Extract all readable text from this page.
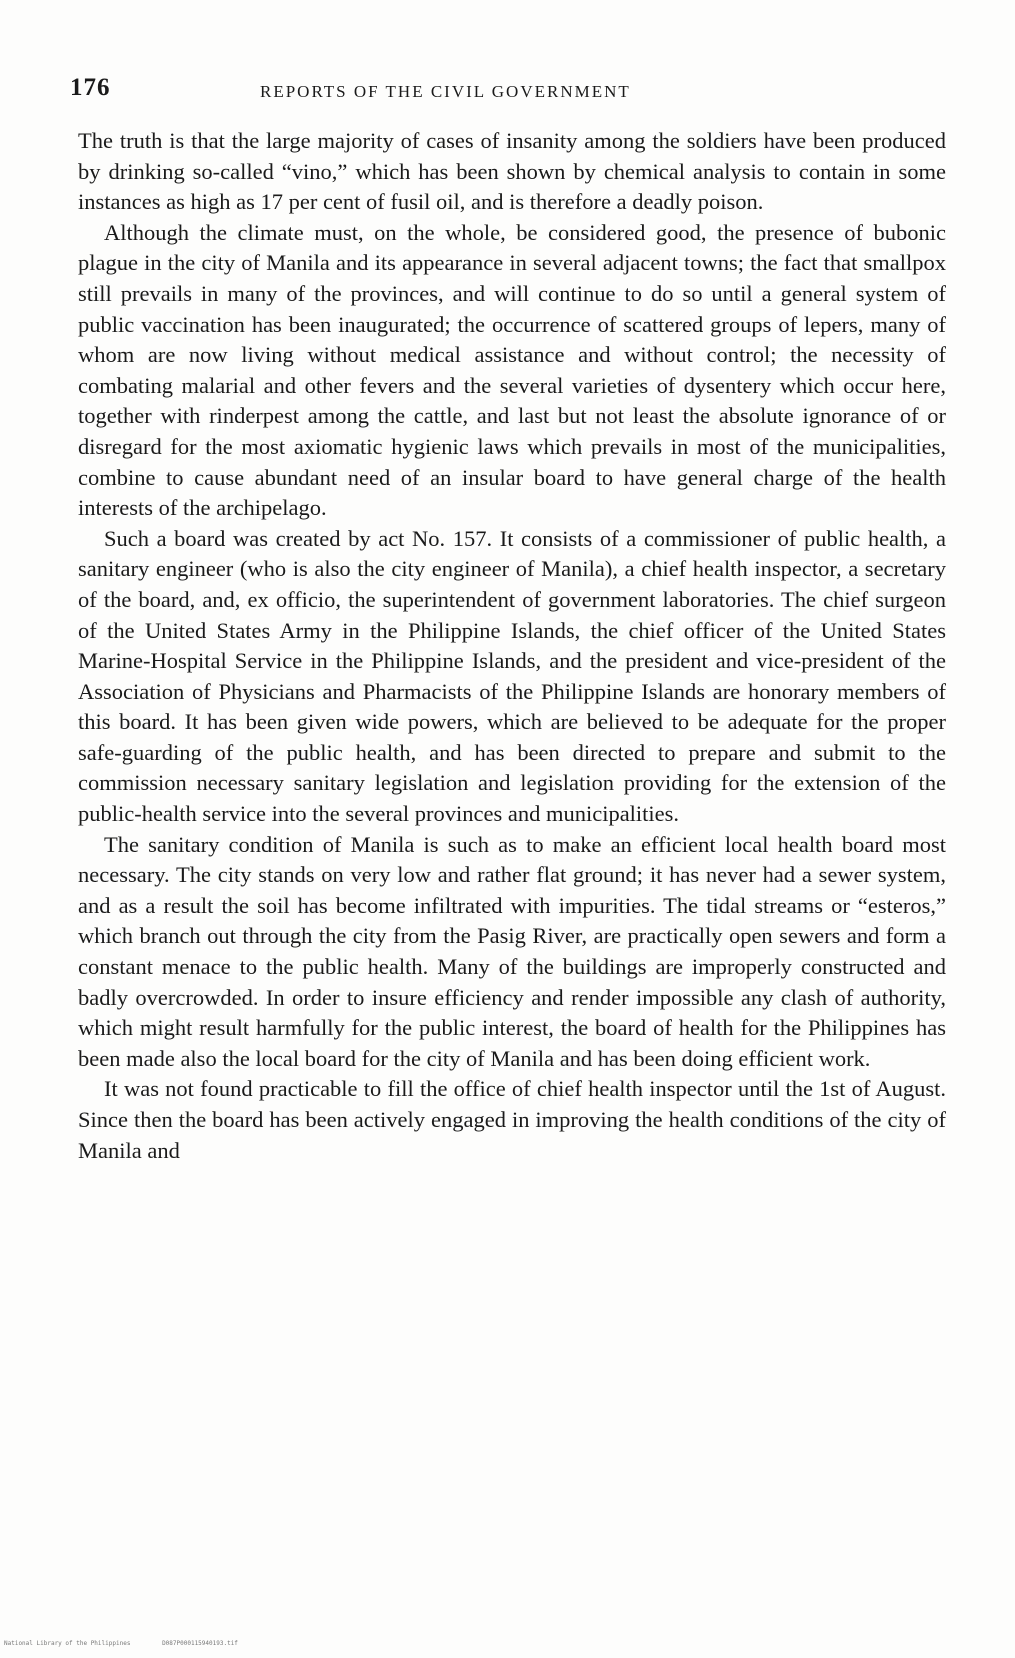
176	REPORTS OF THE CIVIL GOVERNMENT

The truth is that the large majority of cases of insanity among the soldiers have been produced by drinking so-called “vino,” which has been shown by chemical analysis to contain in some instances as high as 17 per cent of fusil oil, and is therefore a deadly poison.

Although the climate must, on the whole, be considered good, the presence of bubonic plague in the city of Manila and its appearance in several adjacent towns; the fact that smallpox still prevails in many of the provinces, and will continue to do so until a general system of public vaccination has been inaugurated; the occurrence of scattered groups of lepers, many of whom are now living without medical assistance and without control; the necessity of combating malarial and other fevers and the several varieties of dysentery which occur here, together with rinderpest among the cattle, and last but not least the absolute ignorance of or disregard for the most axiomatic hygienic laws which prevails in most of the municipalities, combine to cause abundant need of an insular board to have general charge of the health interests of the archipelago.

Such a board was created by act No. 157. It consists of a commissioner of public health, a sanitary engineer (who is also the city engineer of Manila), a chief health inspector, a secretary of the board, and, ex officio, the superintendent of government laboratories. The chief surgeon of the United States Army in the Philippine Islands, the chief officer of the United States Marine-Hospital Service in the Philippine Islands, and the president and vice-president of the Association of Physicians and Pharmacists of the Philippine Islands are honorary members of this board. It has been given wide powers, which are believed to be adequate for the proper safe-guarding of the public health, and has been directed to prepare and submit to the commission necessary sanitary legislation and legislation providing for the extension of the public-health service into the several provinces and municipalities.

The sanitary condition of Manila is such as to make an efficient local health board most necessary. The city stands on very low and rather flat ground; it has never had a sewer system, and as a result the soil has become infiltrated with impurities. The tidal streams or “esteros,” which branch out through the city from the Pasig River, are practically open sewers and form a constant menace to the public health. Many of the buildings are improperly constructed and badly overcrowded. In order to insure efficiency and render impossible any clash of authority, which might result harmfully for the public interest, the board of health for the Philippines has been made also the local board for the city of Manila and has been doing efficient work.

It was not found practicable to fill the office of chief health inspector until the 1st of August. Since then the board has been actively engaged in improving the health conditions of the city of Manila and

National Library of the Philippines	D087P000115940193.tif
